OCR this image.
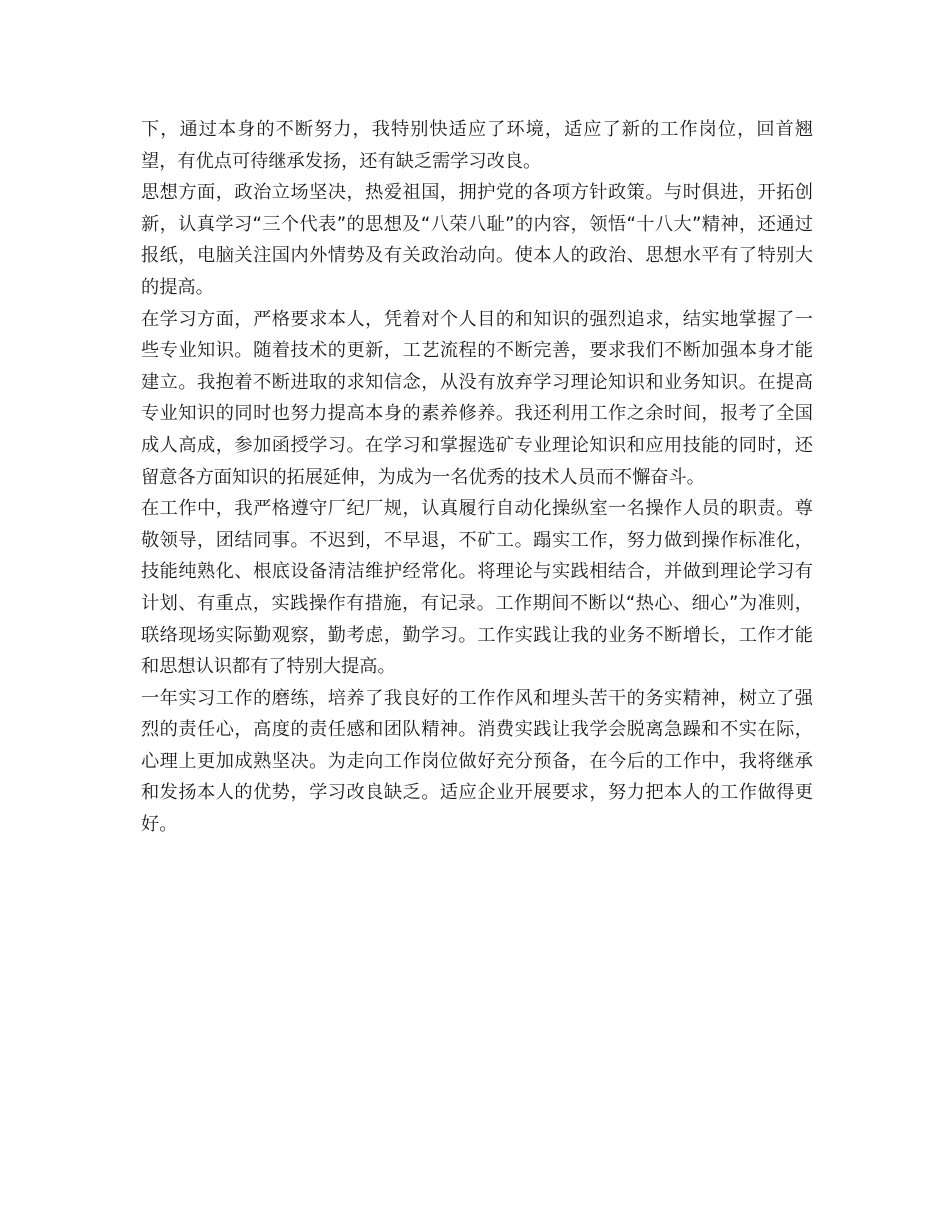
下，通过本身的不断努力，我特别快适应了环境，适应了新的工作岗位，回首翘望，有优点可待继承发扬，还有缺乏需学习改良。

思想方面，政治立场坚决，热爱祖国，拥护党的各项方针政策。与时俱进，开拓创新，认真学习“三个代表”的思想及“八荣八耻”的内容，领悟“十八大”精神，还通过报纸，电脑关注国内外情势及有关政治动向。使本人的政治、思想水平有了特别大的提高。

在学习方面，严格要求本人，凭着对个人目的和知识的强烈追求，结实地掌握了一些专业知识。随着技术的更新，工艺流程的不断完善，要求我们不断加强本身才能建立。我抱着不断进取的求知信念，从没有放弃学习理论知识和业务知识。在提高专业知识的同时也努力提高本身的素养修养。我还利用工作之余时间，报考了全国成人高成，参加函授学习。在学习和掌握选矿专业理论知识和应用技能的同时，还留意各方面知识的拓展延伸，为成为一名优秀的技术人员而不懈奋斗。

在工作中，我严格遵守厂纪厂规，认真履行自动化操纵室一名操作人员的职责。尊敬领导，团结同事。不迟到，不早退，不矿工。蹋实工作，努力做到操作标准化，技能纯熟化、根底设备清洁维护经常化。将理论与实践相结合，并做到理论学习有计划、有重点，实践操作有措施，有记录。工作期间不断以“热心、细心”为准则，联络现场实际勤观察，勤考虑，勤学习。工作实践让我的业务不断增长，工作才能和思想认识都有了特别大提高。

一年实习工作的磨练，培养了我良好的工作作风和埋头苦干的务实精神，树立了强烈的责任心，高度的责任感和团队精神。消费实践让我学会脱离急躁和不实在际，心理上更加成熟坚决。为走向工作岗位做好充分预备，在今后的工作中，我将继承和发扬本人的优势，学习改良缺乏。适应企业开展要求，努力把本人的工作做得更好。
